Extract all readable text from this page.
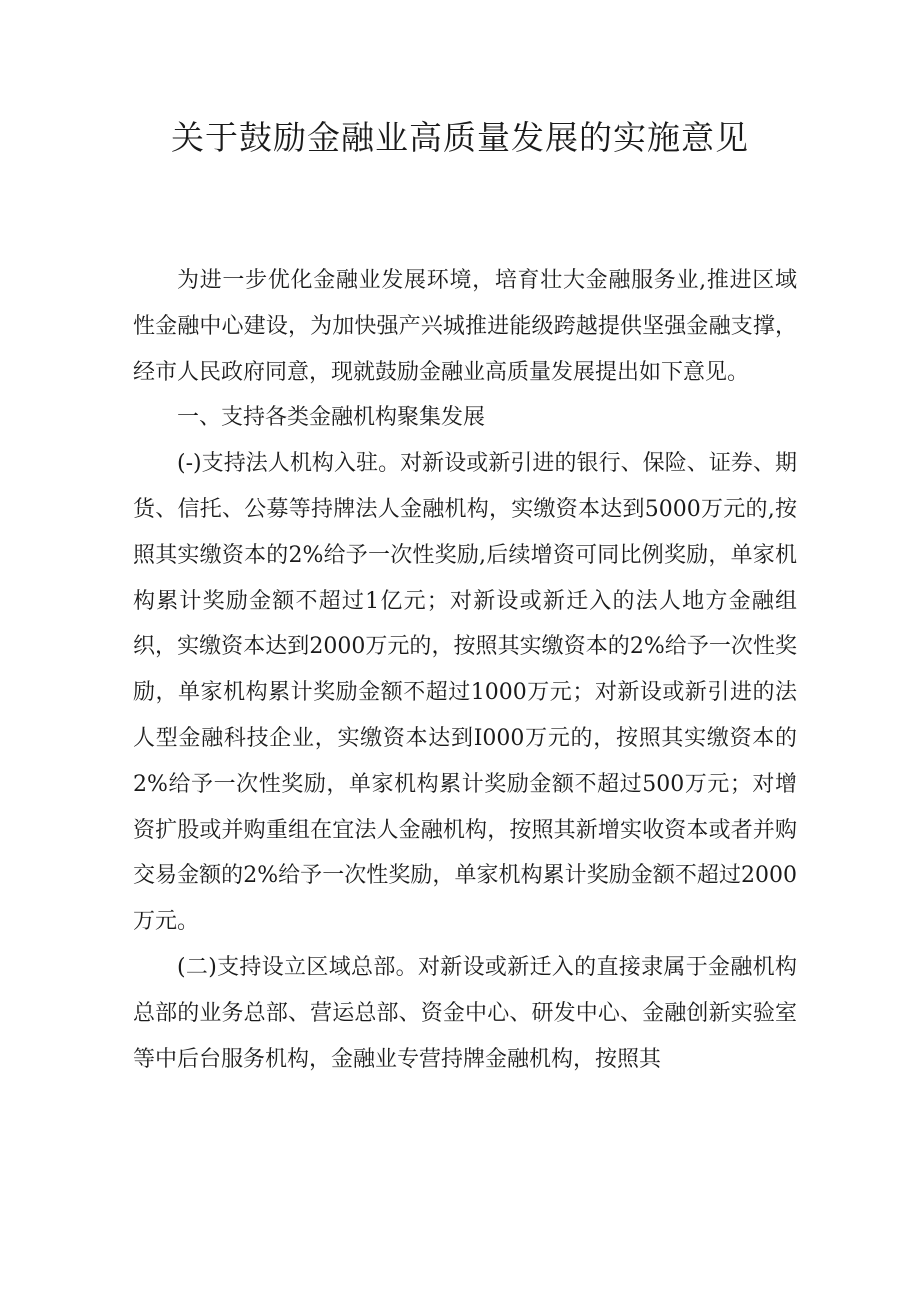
关于鼓励金融业高质量发展的实施意见

为进一步优化金融业发展环境，培育壮大金融服务业,推进区域性金融中心建设，为加快强产兴城推进能级跨越提供坚强金融支撑，经市人民政府同意，现就鼓励金融业高质量发展提出如下意见。

一、支持各类金融机构聚集发展

(-)支持法人机构入驻。对新设或新引进的银行、保险、证券、期货、信托、公募等持牌法人金融机构，实缴资本达到5000万元的,按照其实缴资本的2%给予一次性奖励,后续增资可同比例奖励，单家机构累计奖励金额不超过1亿元；对新设或新迁入的法人地方金融组织，实缴资本达到2000万元的，按照其实缴资本的2%给予一次性奖励，单家机构累计奖励金额不超过1000万元；对新设或新引进的法人型金融科技企业，实缴资本达到I000万元的，按照其实缴资本的2%给予一次性奖励，单家机构累计奖励金额不超过500万元；对增资扩股或并购重组在宜法人金融机构，按照其新增实收资本或者并购交易金额的2%给予一次性奖励，单家机构累计奖励金额不超过2000万元。

(二)支持设立区域总部。对新设或新迁入的直接隶属于金融机构总部的业务总部、营运总部、资金中心、研发中心、金融创新实验室等中后台服务机构，金融业专营持牌金融机构，按照其
